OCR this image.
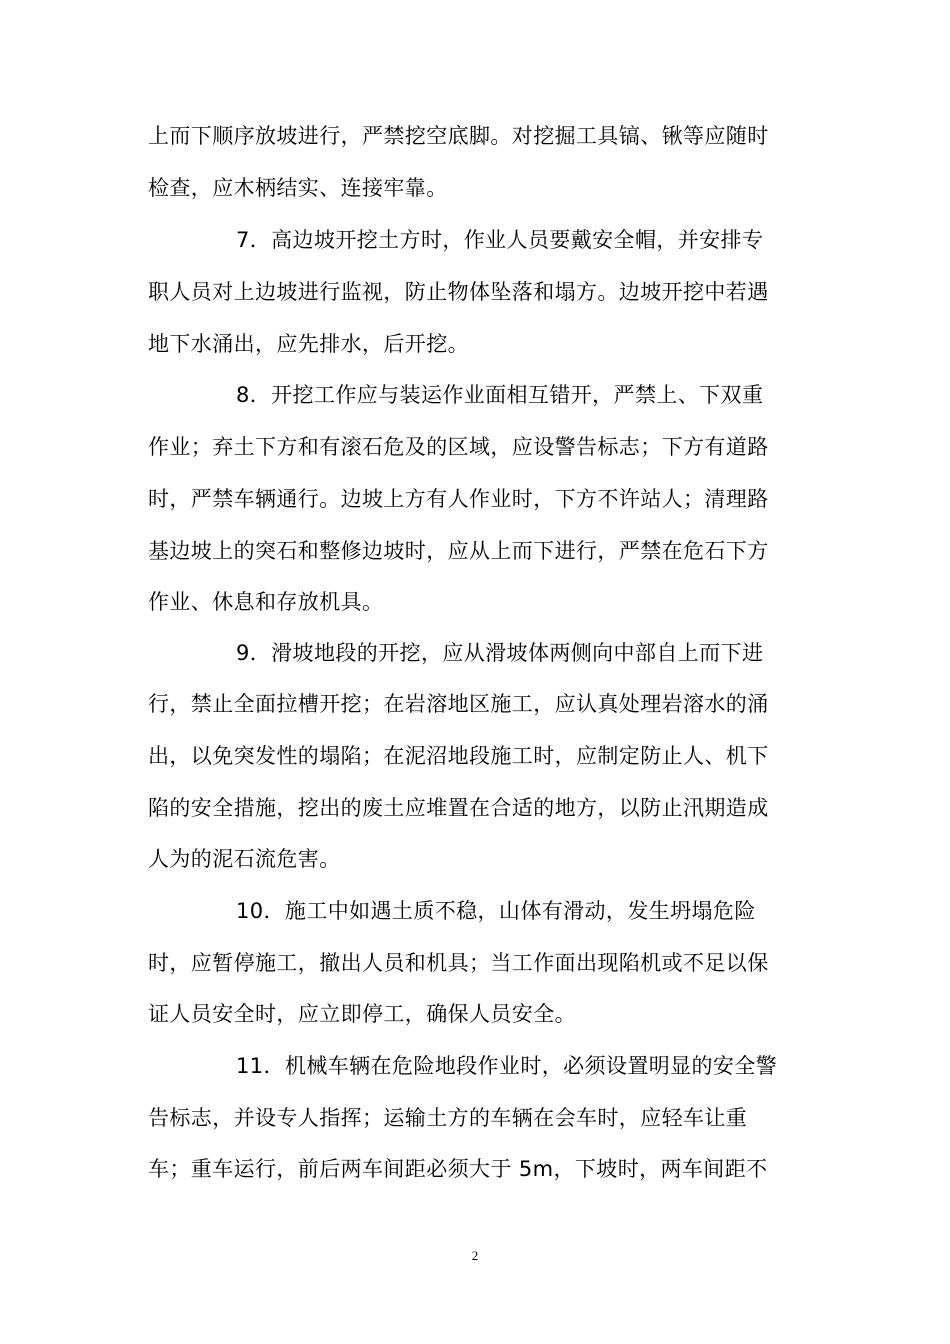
上而下顺序放坡进行，严禁挖空底脚。对挖掘工具镐、锹等应随时
检查，应木柄结实、连接牢靠。
7．高边坡开挖土方时，作业人员要戴安全帽，并安排专
职人员对上边坡进行监视，防止物体坠落和塌方。边坡开挖中若遇
地下水涌出，应先排水，后开挖。
8．开挖工作应与装运作业面相互错开，严禁上、下双重
作业；弃土下方和有滚石危及的区域，应设警告标志；下方有道路
时，严禁车辆通行。边坡上方有人作业时，下方不许站人；清理路
基边坡上的突石和整修边坡时，应从上而下进行，严禁在危石下方
作业、休息和存放机具。
9．滑坡地段的开挖，应从滑坡体两侧向中部自上而下进
行，禁止全面拉槽开挖；在岩溶地区施工，应认真处理岩溶水的涌
出，以免突发性的塌陷；在泥沼地段施工时，应制定防止人、机下
陷的安全措施，挖出的废土应堆置在合适的地方，以防止汛期造成
人为的泥石流危害。
10．施工中如遇土质不稳，山体有滑动，发生坍塌危险
时，应暂停施工，撤出人员和机具；当工作面出现陷机或不足以保
证人员安全时，应立即停工，确保人员安全。
11．机械车辆在危险地段作业时，必须设置明显的安全警
告标志，并设专人指挥；运输土方的车辆在会车时，应轻车让重
车；重车运行，前后两车间距必须大于 5m，下坡时，两车间距不
2
